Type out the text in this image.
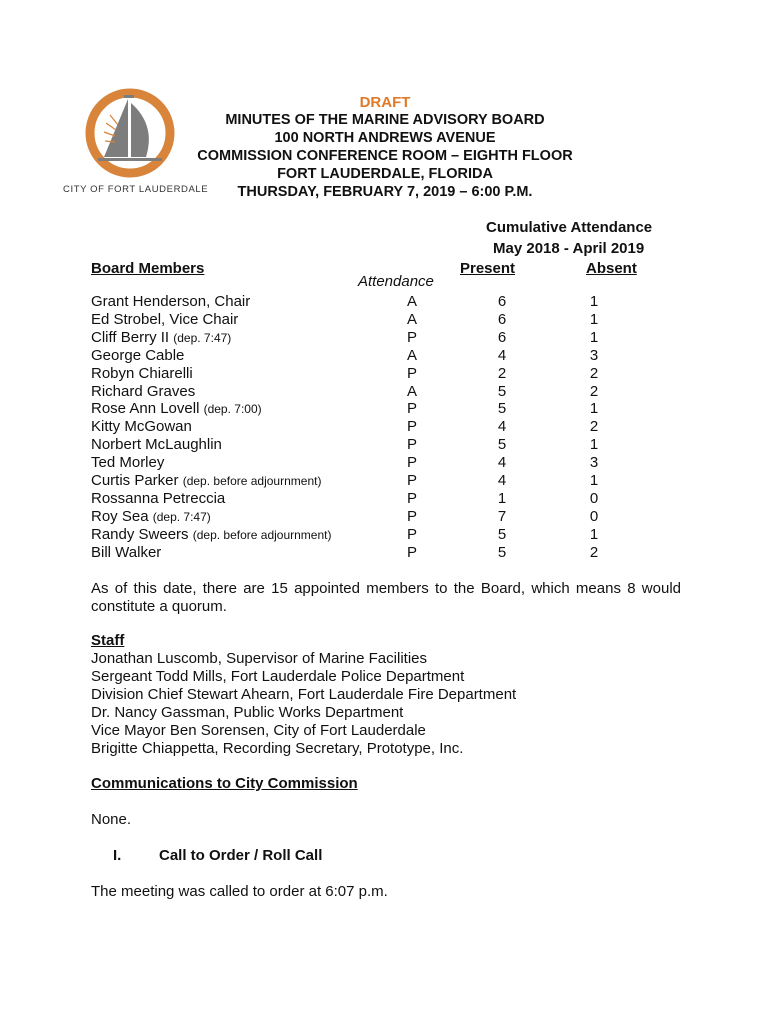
CITY OF FORT LAUDERDALE
DRAFT
MINUTES OF THE MARINE ADVISORY BOARD
100 NORTH ANDREWS AVENUE
COMMISSION CONFERENCE ROOM – EIGHTH FLOOR
FORT LAUDERDALE, FLORIDA
THURSDAY, FEBRUARY 7, 2019 – 6:00 P.M.
Cumulative Attendance
May 2018 - April 2019
Board Members	Present	Absent
Attendance
Grant Henderson, Chair	A	6	1
Ed Strobel, Vice Chair	A	6	1
Cliff Berry II (dep. 7:47)	P	6	1
George Cable	A	4	3
Robyn Chiarelli	P	2	2
Richard Graves	A	5	2
Rose Ann Lovell (dep. 7:00)	P	5	1
Kitty McGowan	P	4	2
Norbert McLaughlin	P	5	1
Ted Morley	P	4	3
Curtis Parker (dep. before adjournment)	P	4	1
Rossanna Petreccia	P	1	0
Roy Sea (dep. 7:47)	P	7	0
Randy Sweers (dep. before adjournment)	P	5	1
Bill Walker	P	5	2
As of this date, there are 15 appointed members to the Board, which means 8 would constitute a quorum.
Staff
Jonathan Luscomb, Supervisor of Marine Facilities
Sergeant Todd Mills, Fort Lauderdale Police Department
Division Chief Stewart Ahearn, Fort Lauderdale Fire Department
Dr. Nancy Gassman, Public Works Department
Vice Mayor Ben Sorensen, City of Fort Lauderdale
Brigitte Chiappetta, Recording Secretary, Prototype, Inc.
Communications to City Commission
None.
I.	Call to Order / Roll Call
The meeting was called to order at 6:07 p.m.
